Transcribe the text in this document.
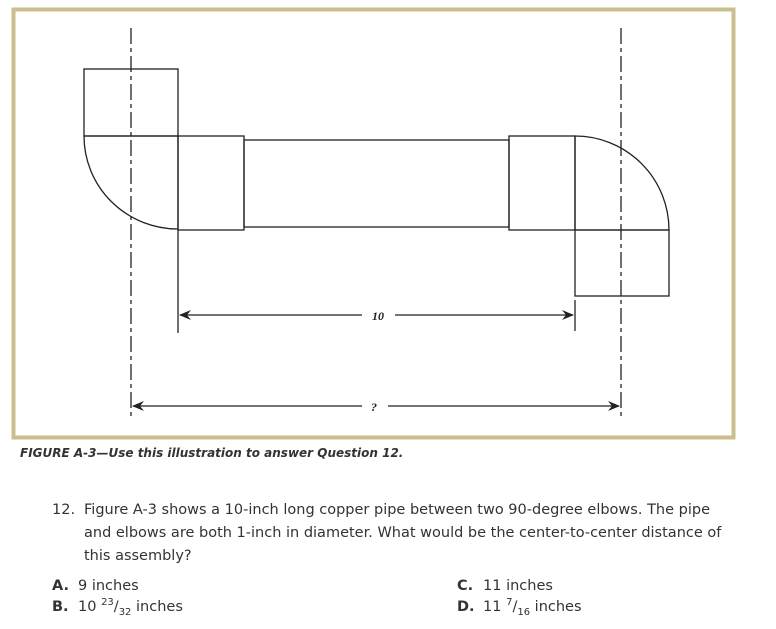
10
?
FIGURE A-3—Use this illustration to answer Question 12.
12. Figure A-3 shows a 10-inch long copper pipe between two 90-degree elbows. The pipe and elbows are both 1-inch in diameter. What would be the center-to-center distance of this assembly?
A. 9 inches
B. 10 $^{23}/_{32}$ inches
C. 11 inches
D. 11 $^7/_{16}$ inches
